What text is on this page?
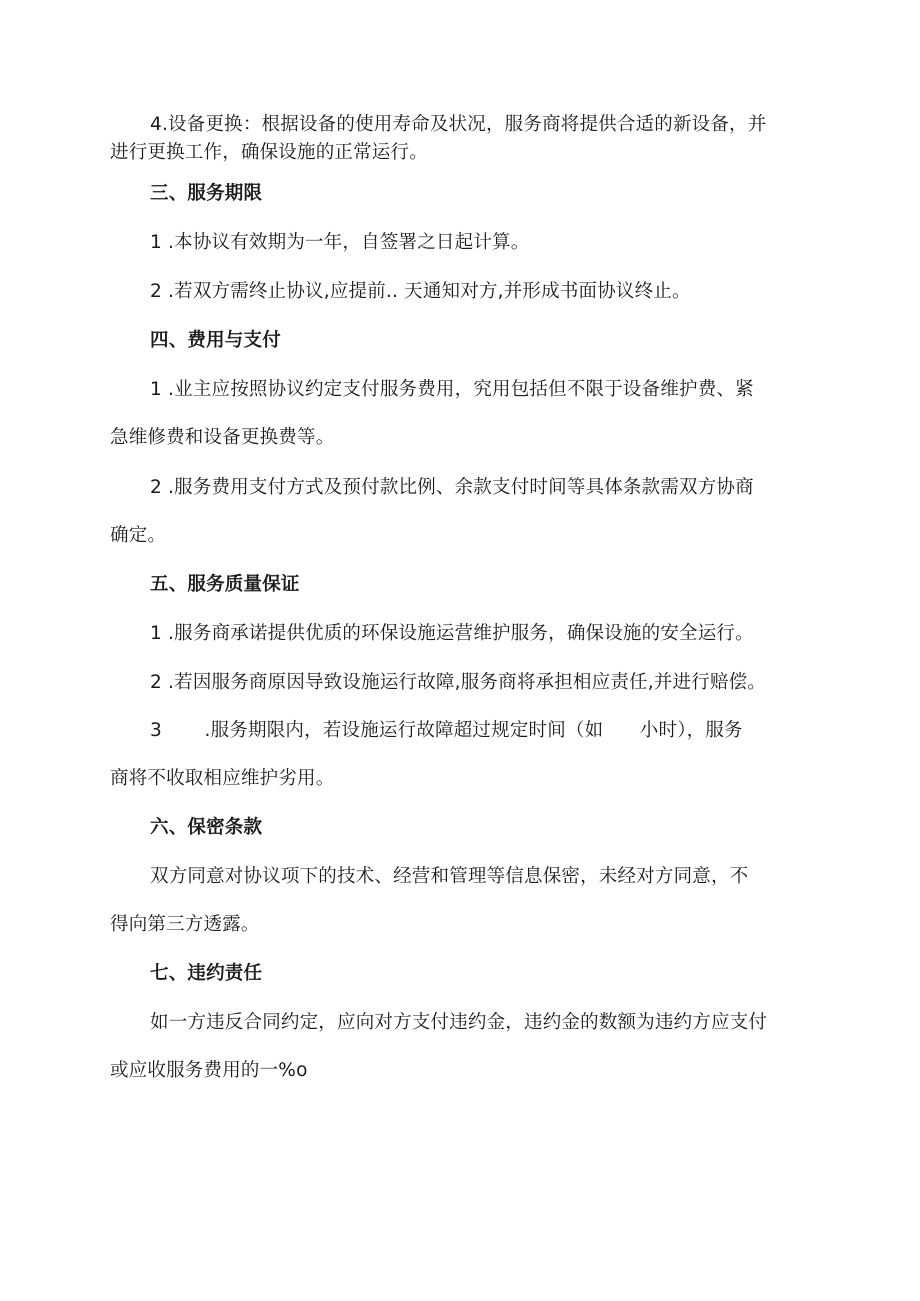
4.设备更换：根据设备的使用寿命及状况，服务商将提供合适的新设备，并

进行更换工作，确保设施的正常运行。

三、服务期限

1 .本协议有效期为一年，自签署之日起计算。

2 .若双方需终止协议,应提前.. 天通知对方,并形成书面协议终止。

四、费用与支付

1 .业主应按照协议约定支付服务费用，究用包括但不限于设备维护费、紧

急维修费和设备更换费等。

2 .服务费用支付方式及预付款比例、余款支付时间等具体条款需双方协商

确定。

五、服务质量保证

1 .服务商承诺提供优质的环保设施运营维护服务，确保设施的安全运行。

2 .若因服务商原因导致设施运行故障,服务商将承担相应责任,并进行赔偿。

3       .服务期限内，若设施运行故障超过规定时间（如      小时），服务

商将不收取相应维护劣用。

六、保密条款

双方同意对协议项下的技术、经营和管理等信息保密，未经对方同意，不

得向第三方透露。

七、违约责任

如一方违反合同约定，应向对方支付违约金，违约金的数额为违约方应支付

或应收服务费用的一%o
